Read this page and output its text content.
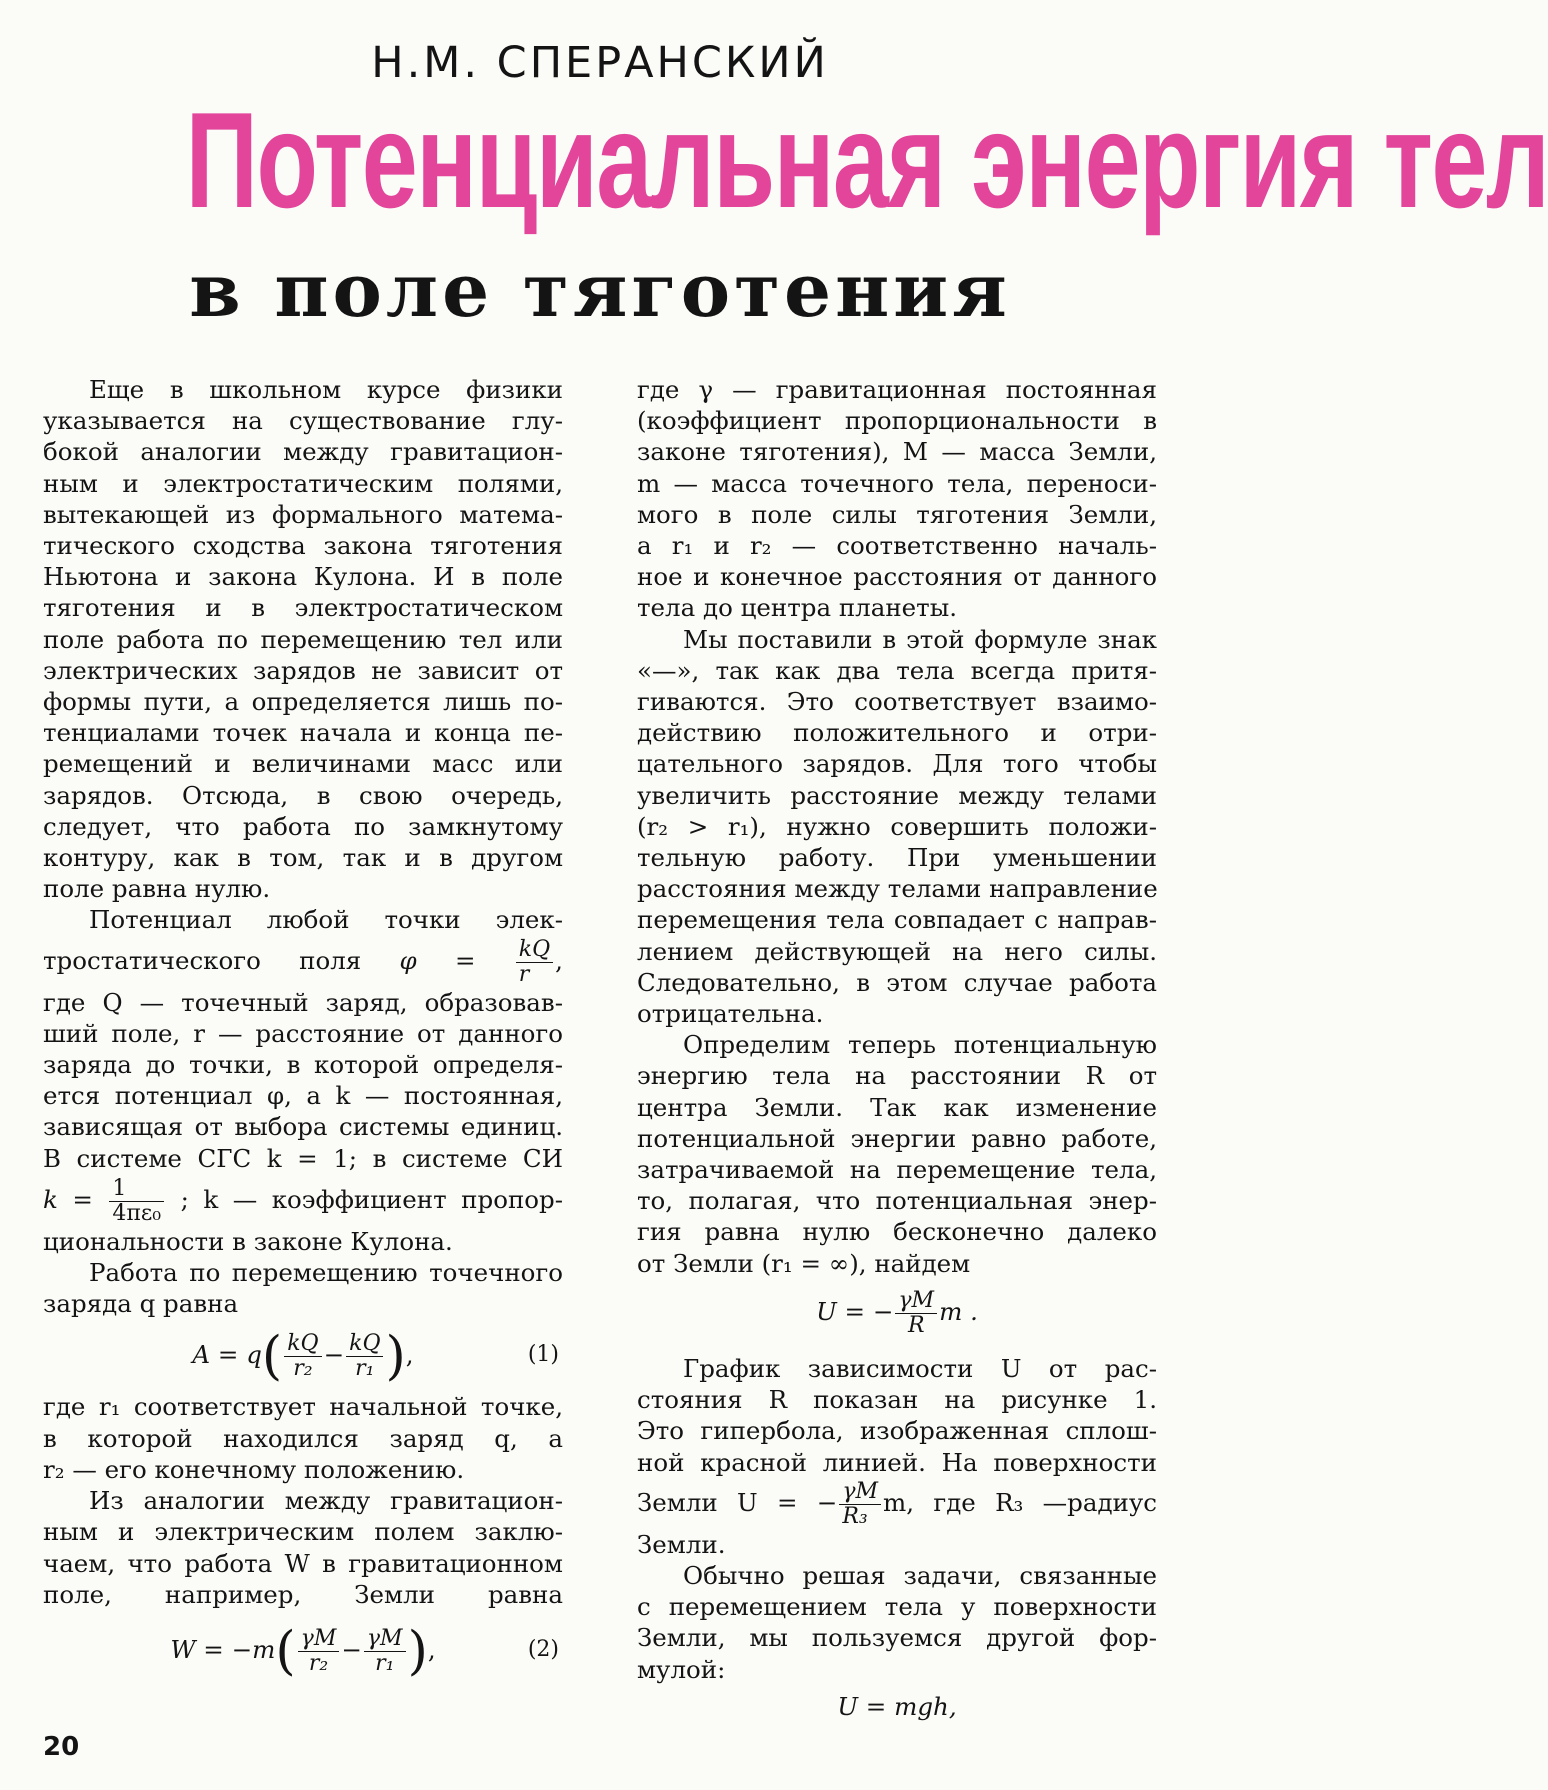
Н.М. СПЕРАНСКИЙ
Потенциальная энергия тел
в поле тяготения
Еще в школьном курсе физики
указывается на существование глу-
бокой аналогии между гравитацион-
ным и электростатическим полями,
вытекающей из формального матема-
тического сходства закона тяготения
Ньютона и закона Кулона. И в поле
тяготения и в электростатическом
поле работа по перемещению тел или
электрических зарядов не зависит от
формы пути, а определяется лишь по-
тенциалами точек начала и конца пе-
ремещений и величинами масс или
зарядов. Отсюда, в свою очередь,
следует, что работа по замкнутому
контуру, как в том, так и в другом
поле равна нулю.
Потенциал любой точки элек-
тростатического поля $\varphi = \frac{kQ}{r}$ ,
где Q — точечный заряд, образовав-
ший поле, r — расстояние от данного
заряда до точки, в которой определя-
ется потенциал φ, а k — постоянная,
зависящая от выбора системы единиц.
В системе СГС k = 1; в системе СИ
$k = \frac{1}{\text{4πε₀}}$ ; k — коэффициент пропор-
циональности в законе Кулона.
Работа по перемещению точечного
заряда q равна
$A = q( \frac{kQ}{\text{r₂}} - \frac{kQ}{\text{r₁}}$ ),	(1)
где r₁ соответствует начальной точке,
в которой находился заряд q, а
r₂ — его конечному положению.
Из аналогии между гравитацион-
ным и электрическим полем заклю-
чаем, что работа W в гравитационном
поле, например, Земли равна
$W = -m( \frac{\gamma M}{\text{r₂}} - \frac{\gamma M}{\text{r₁}}$ ),	(2)
где γ — гравитационная постоянная
(коэффициент пропорциональности в
законе тяготения), M — масса Земли,
m — масса точечного тела, переноси-
мого в поле силы тяготения Земли,
а r₁ и r₂ — соответственно началь-
ное и конечное расстояния от данного
тела до центра планеты.
Мы поставили в этой формуле знак
«—», так как два тела всегда притя-
гиваются. Это соответствует взаимо-
действию положительного и отри-
цательного зарядов. Для того чтобы
увеличить расстояние между телами
(r₂ > r₁), нужно совершить положи-
тельную работу. При уменьшении
расстояния между телами направление
перемещения тела совпадает с направ-
лением действующей на него силы.
Следовательно, в этом случае работа
отрицательна.
Определим теперь потенциальную
энергию тела на расстоянии R от
центра Земли. Так как изменение
потенциальной энергии равно работе,
затрачиваемой на перемещение тела,
то, полагая, что потенциальная энер-
гия равна нулю бесконечно далеко
от Земли (r₁ = ∞), найдем
U = − $\frac{\gamma M}{R}$ m .
График зависимости U от рас-
стояния R показан на рисунке 1.
Это гипербола, изображенная сплош-
ной красной линией. На поверхности
Земли U = − $\frac{\gamma M}{\text{R₃}} m$, где R₃ —радиус
Земли.
Обычно решая задачи, связанные
с перемещением тела у поверхности
Земли, мы пользуемся другой фор-
мулой:
U = mgh,
20
